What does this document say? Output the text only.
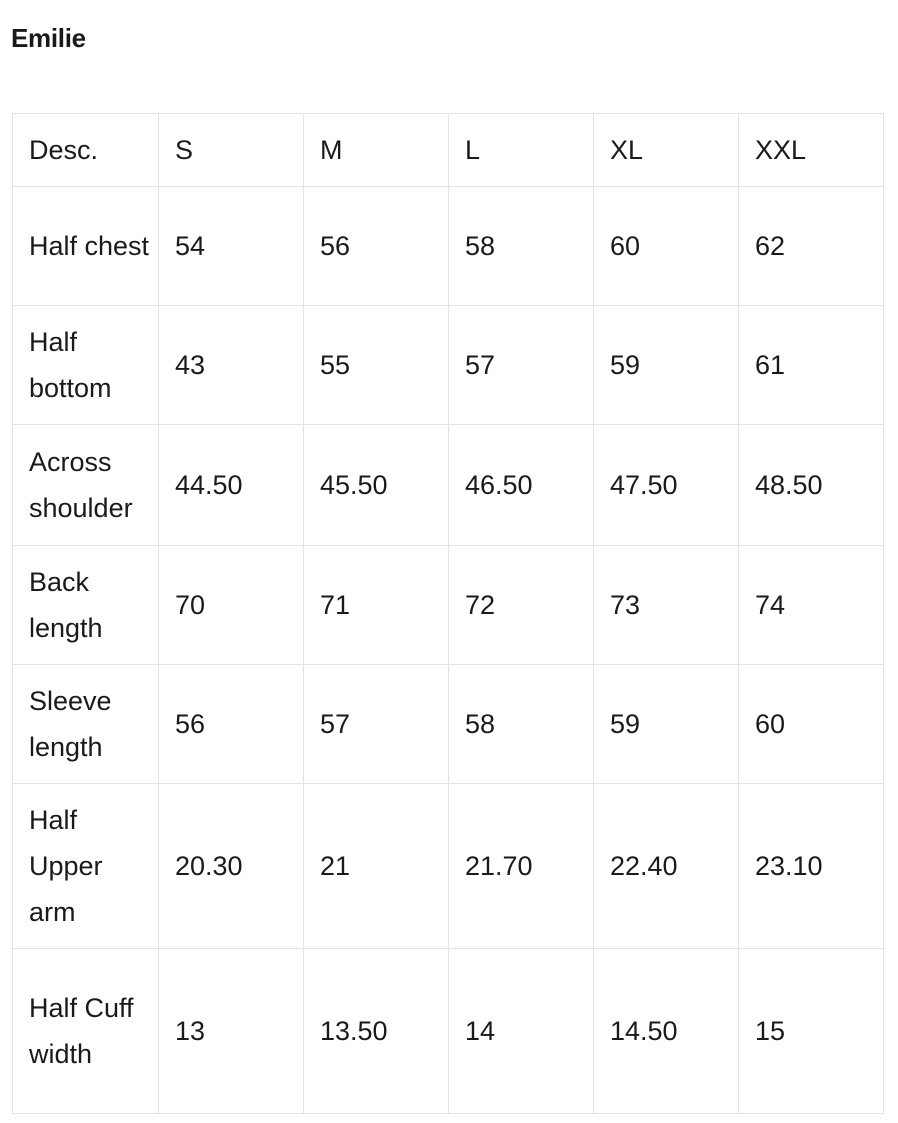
Emilie
Desc.	S	M	L	XL	XXL
Half chest	54	56	58	60	62
Half bottom	43	55	57	59	61
Across shoulder	44.50	45.50	46.50	47.50	48.50
Back length	70	71	72	73	74
Sleeve length	56	57	58	59	60
Half Upper arm	20.30	21	21.70	22.40	23.10
Half Cuff width	13	13.50	14	14.50	15
